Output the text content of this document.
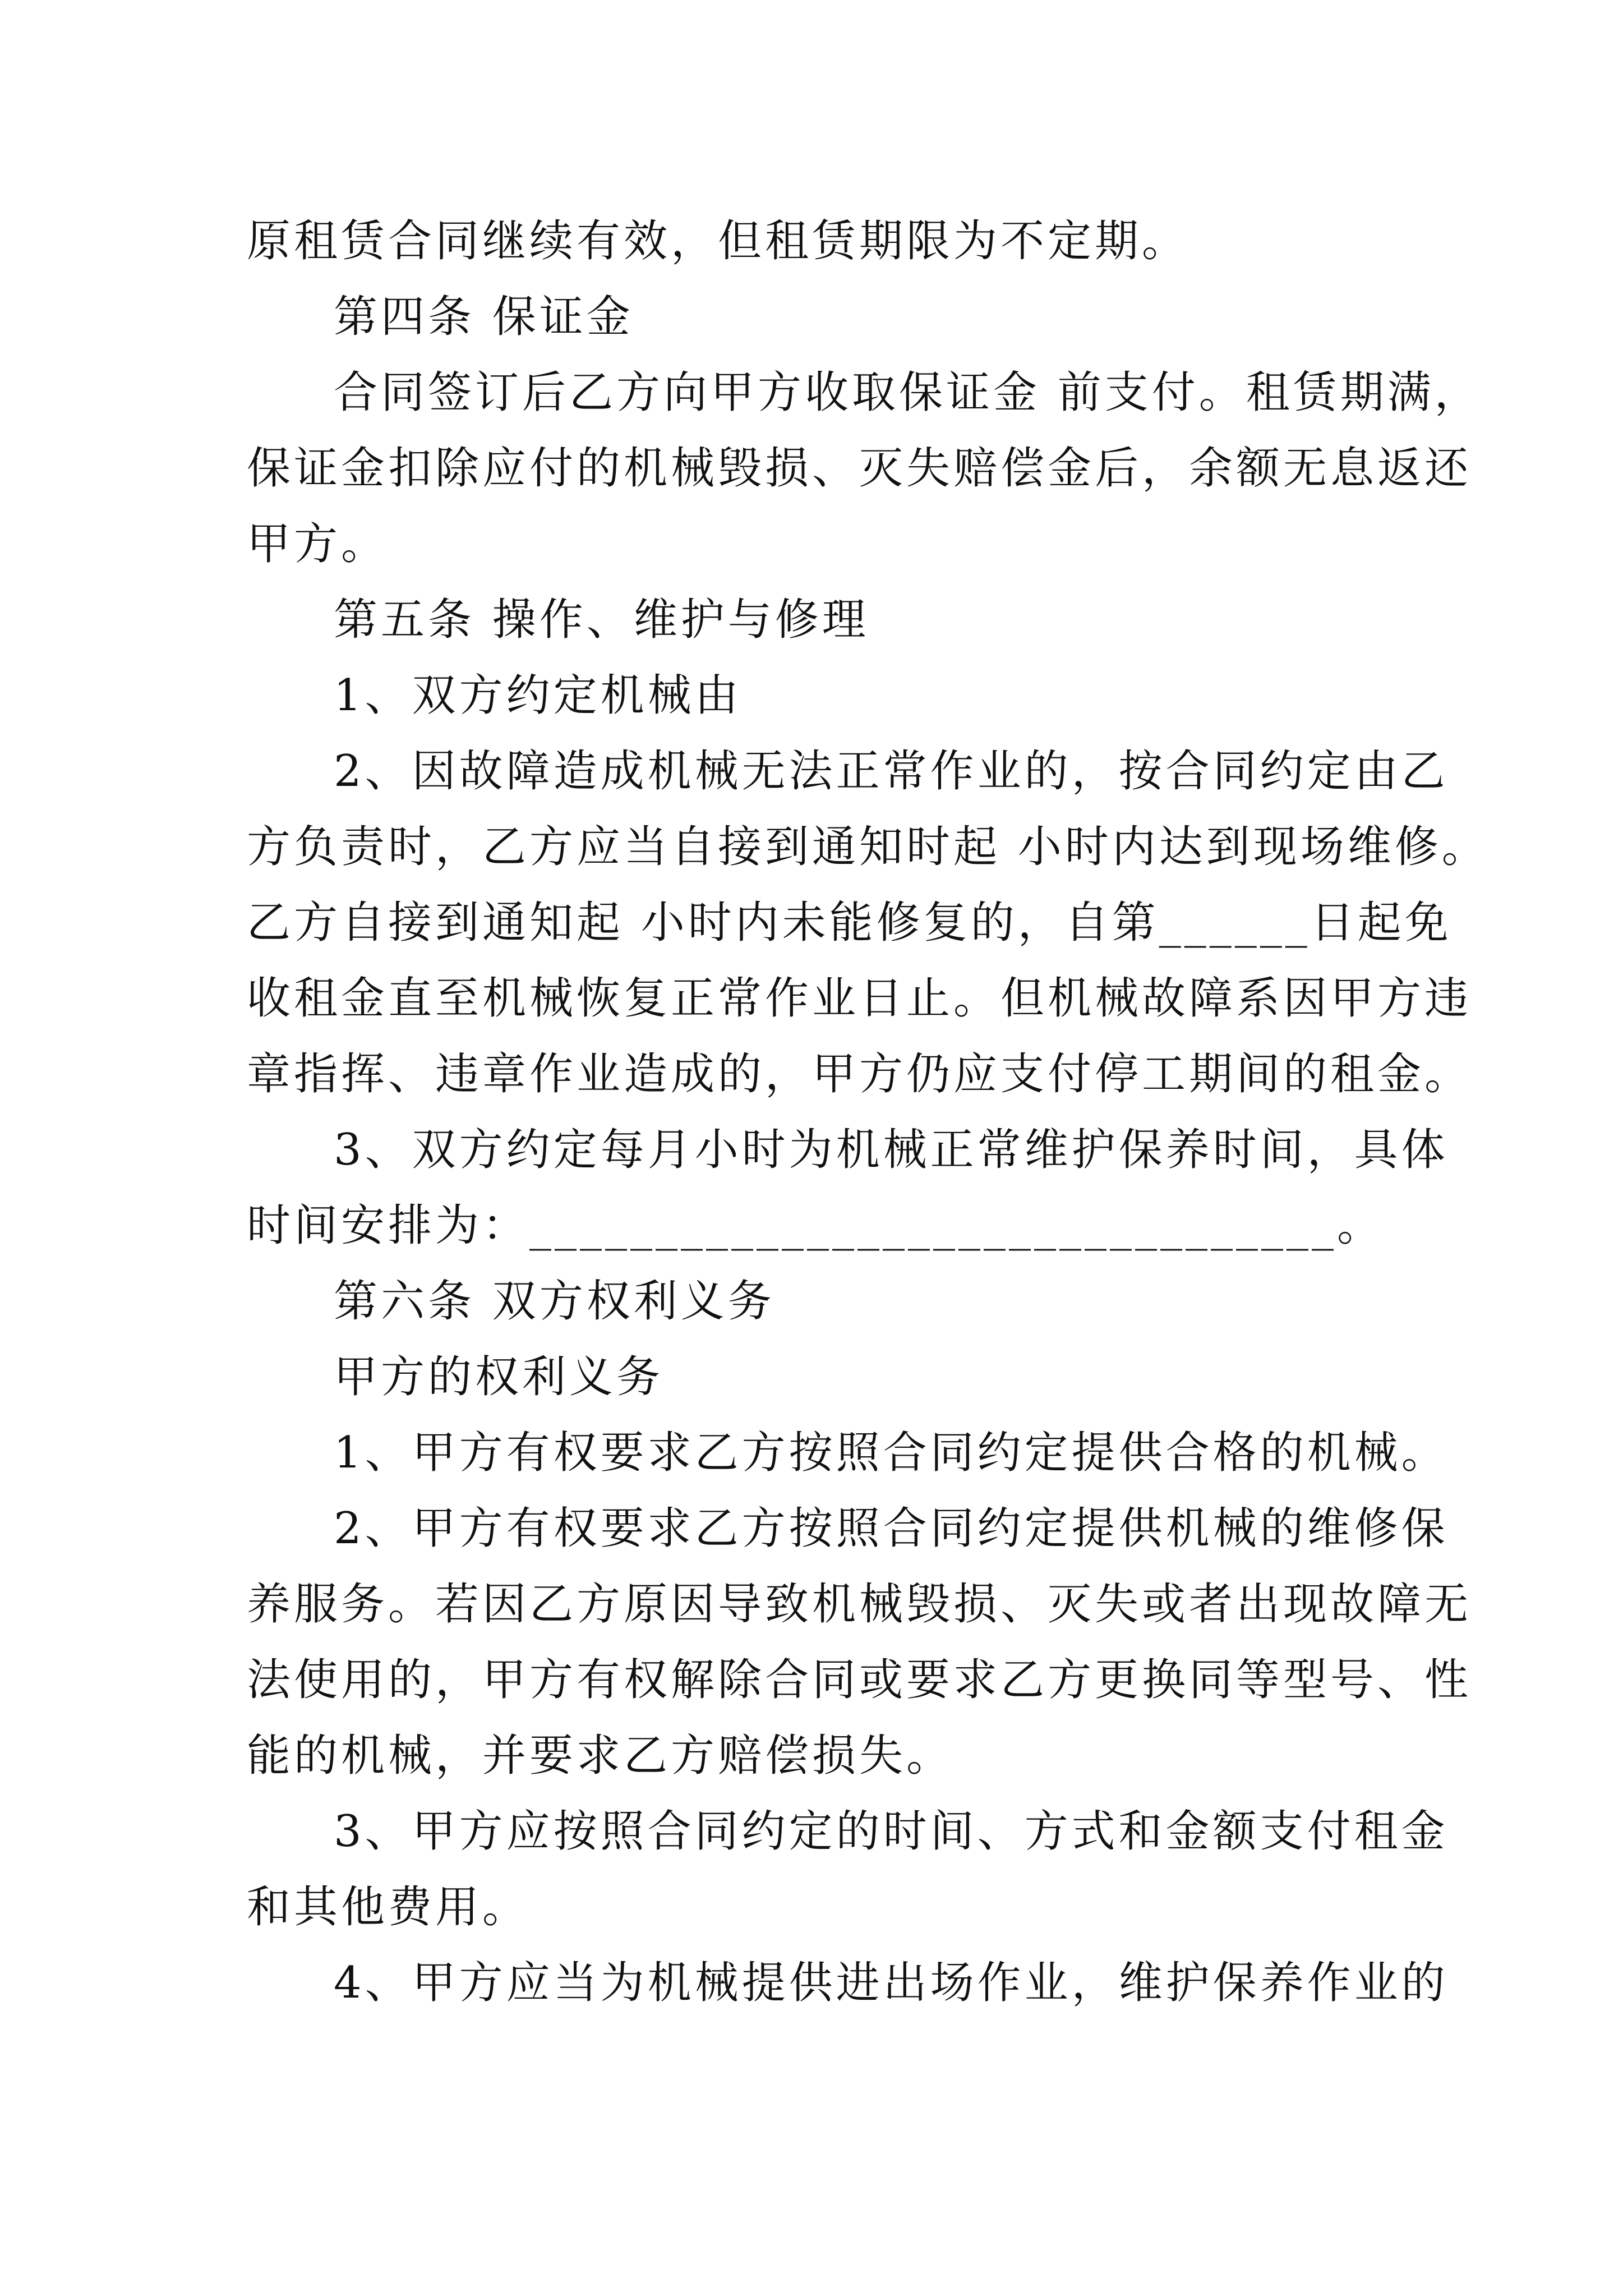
原租赁合同继续有效，但租赁期限为不定期。
第四条 保证金
合同签订后乙方向甲方收取保证金 前支付。租赁期满，
保证金扣除应付的机械毁损、灭失赔偿金后，余额无息返还
甲方。
第五条 操作、维护与修理
1、双方约定机械由
2、因故障造成机械无法正常作业的，按合同约定由乙
方负责时，乙方应当自接到通知时起 小时内达到现场维修。
乙方自接到通知起 小时内未能修复的，自第______日起免
收租金直至机械恢复正常作业日止。但机械故障系因甲方违
章指挥、违章作业造成的，甲方仍应支付停工期间的租金。
3、双方约定每月小时为机械正常维护保养时间，具体
时间安排为：________________________________。
第六条 双方权利义务
甲方的权利义务
1、甲方有权要求乙方按照合同约定提供合格的机械。
2、甲方有权要求乙方按照合同约定提供机械的维修保
养服务。若因乙方原因导致机械毁损、灭失或者出现故障无
法使用的，甲方有权解除合同或要求乙方更换同等型号、性
能的机械，并要求乙方赔偿损失。
3、甲方应按照合同约定的时间、方式和金额支付租金
和其他费用。
4、甲方应当为机械提供进出场作业，维护保养作业的
